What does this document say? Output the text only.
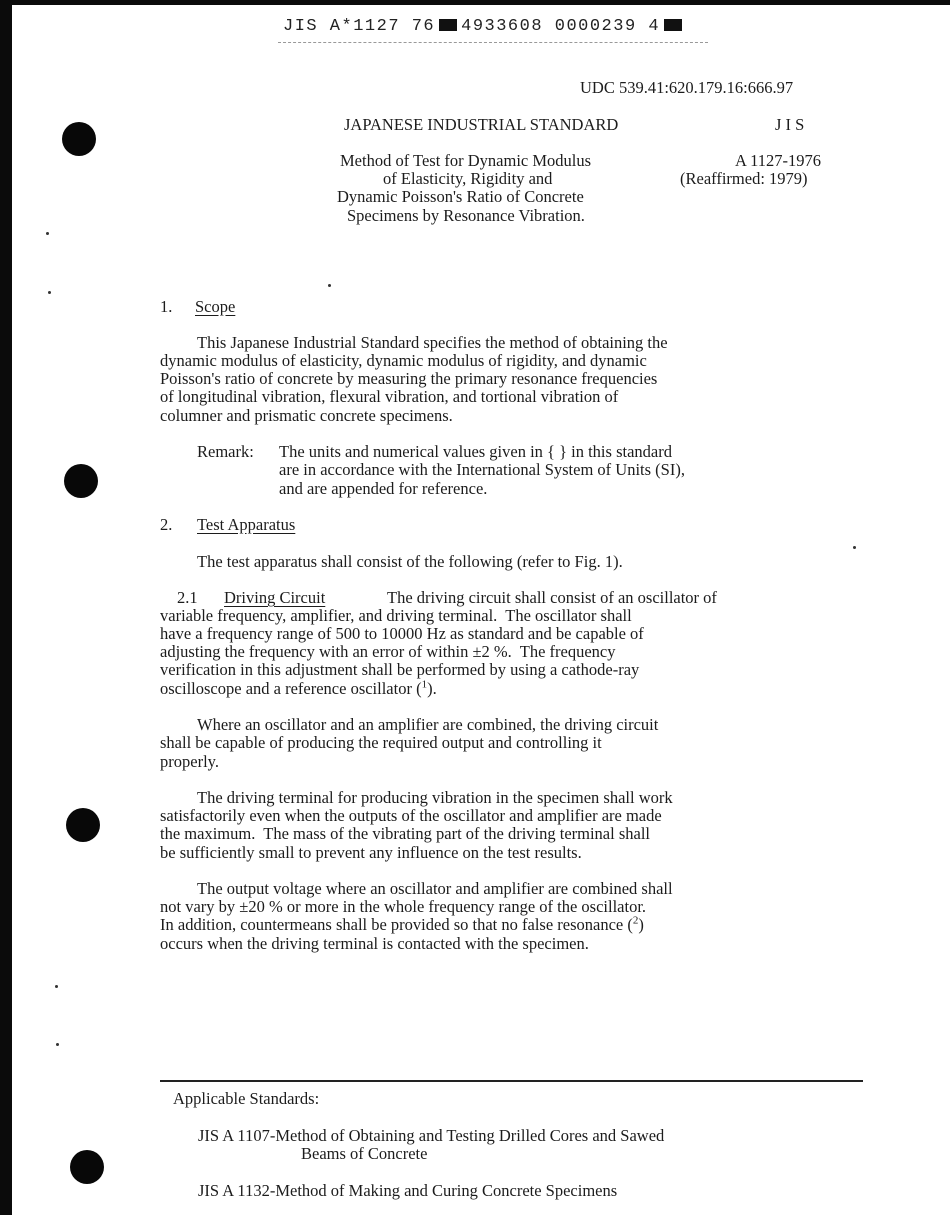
JIS A*1127 76 4933608 0000239 4
UDC 539.41:620.179.16:666.97
JAPANESE INDUSTRIAL STANDARD	J I S
Method of Test for Dynamic Modulus
of Elasticity, Rigidity and
Dynamic Poisson's Ratio of Concrete
Specimens by Resonance Vibration.
A 1127-1976
(Reaffirmed: 1979)
1. Scope
This Japanese Industrial Standard specifies the method of obtaining the
dynamic modulus of elasticity, dynamic modulus of rigidity, and dynamic
Poisson's ratio of concrete by measuring the primary resonance frequencies
of longitudinal vibration, flexural vibration, and tortional vibration of
columner and prismatic concrete specimens.
Remark: The units and numerical values given in { } in this standard
are in accordance with the International System of Units (SI),
and are appended for reference.
2. Test Apparatus
The test apparatus shall consist of the following (refer to Fig. 1).
2.1 Driving Circuit	The driving circuit shall consist of an oscillator of
variable frequency, amplifier, and driving terminal.  The oscillator shall
have a frequency range of 500 to 10000 Hz as standard and be capable of
adjusting the frequency with an error of within ±2 %.  The frequency
verification in this adjustment shall be performed by using a cathode-ray
oscilloscope and a reference oscillator ($^1$).
Where an oscillator and an amplifier are combined, the driving circuit
shall be capable of producing the required output and controlling it
properly.
The driving terminal for producing vibration in the specimen shall work
satisfactorily even when the outputs of the oscillator and amplifier are made
the maximum.  The mass of the vibrating part of the driving terminal shall
be sufficiently small to prevent any influence on the test results.
The output voltage where an oscillator and amplifier are combined shall
not vary by ±20 % or more in the whole frequency range of the oscillator.
In addition, countermeans shall be provided so that no false resonance ($^2$)
occurs when the driving terminal is contacted with the specimen.
Applicable Standards:
JIS A 1107-Method of Obtaining and Testing Drilled Cores and Sawed
Beams of Concrete
JIS A 1132-Method of Making and Curing Concrete Specimens
